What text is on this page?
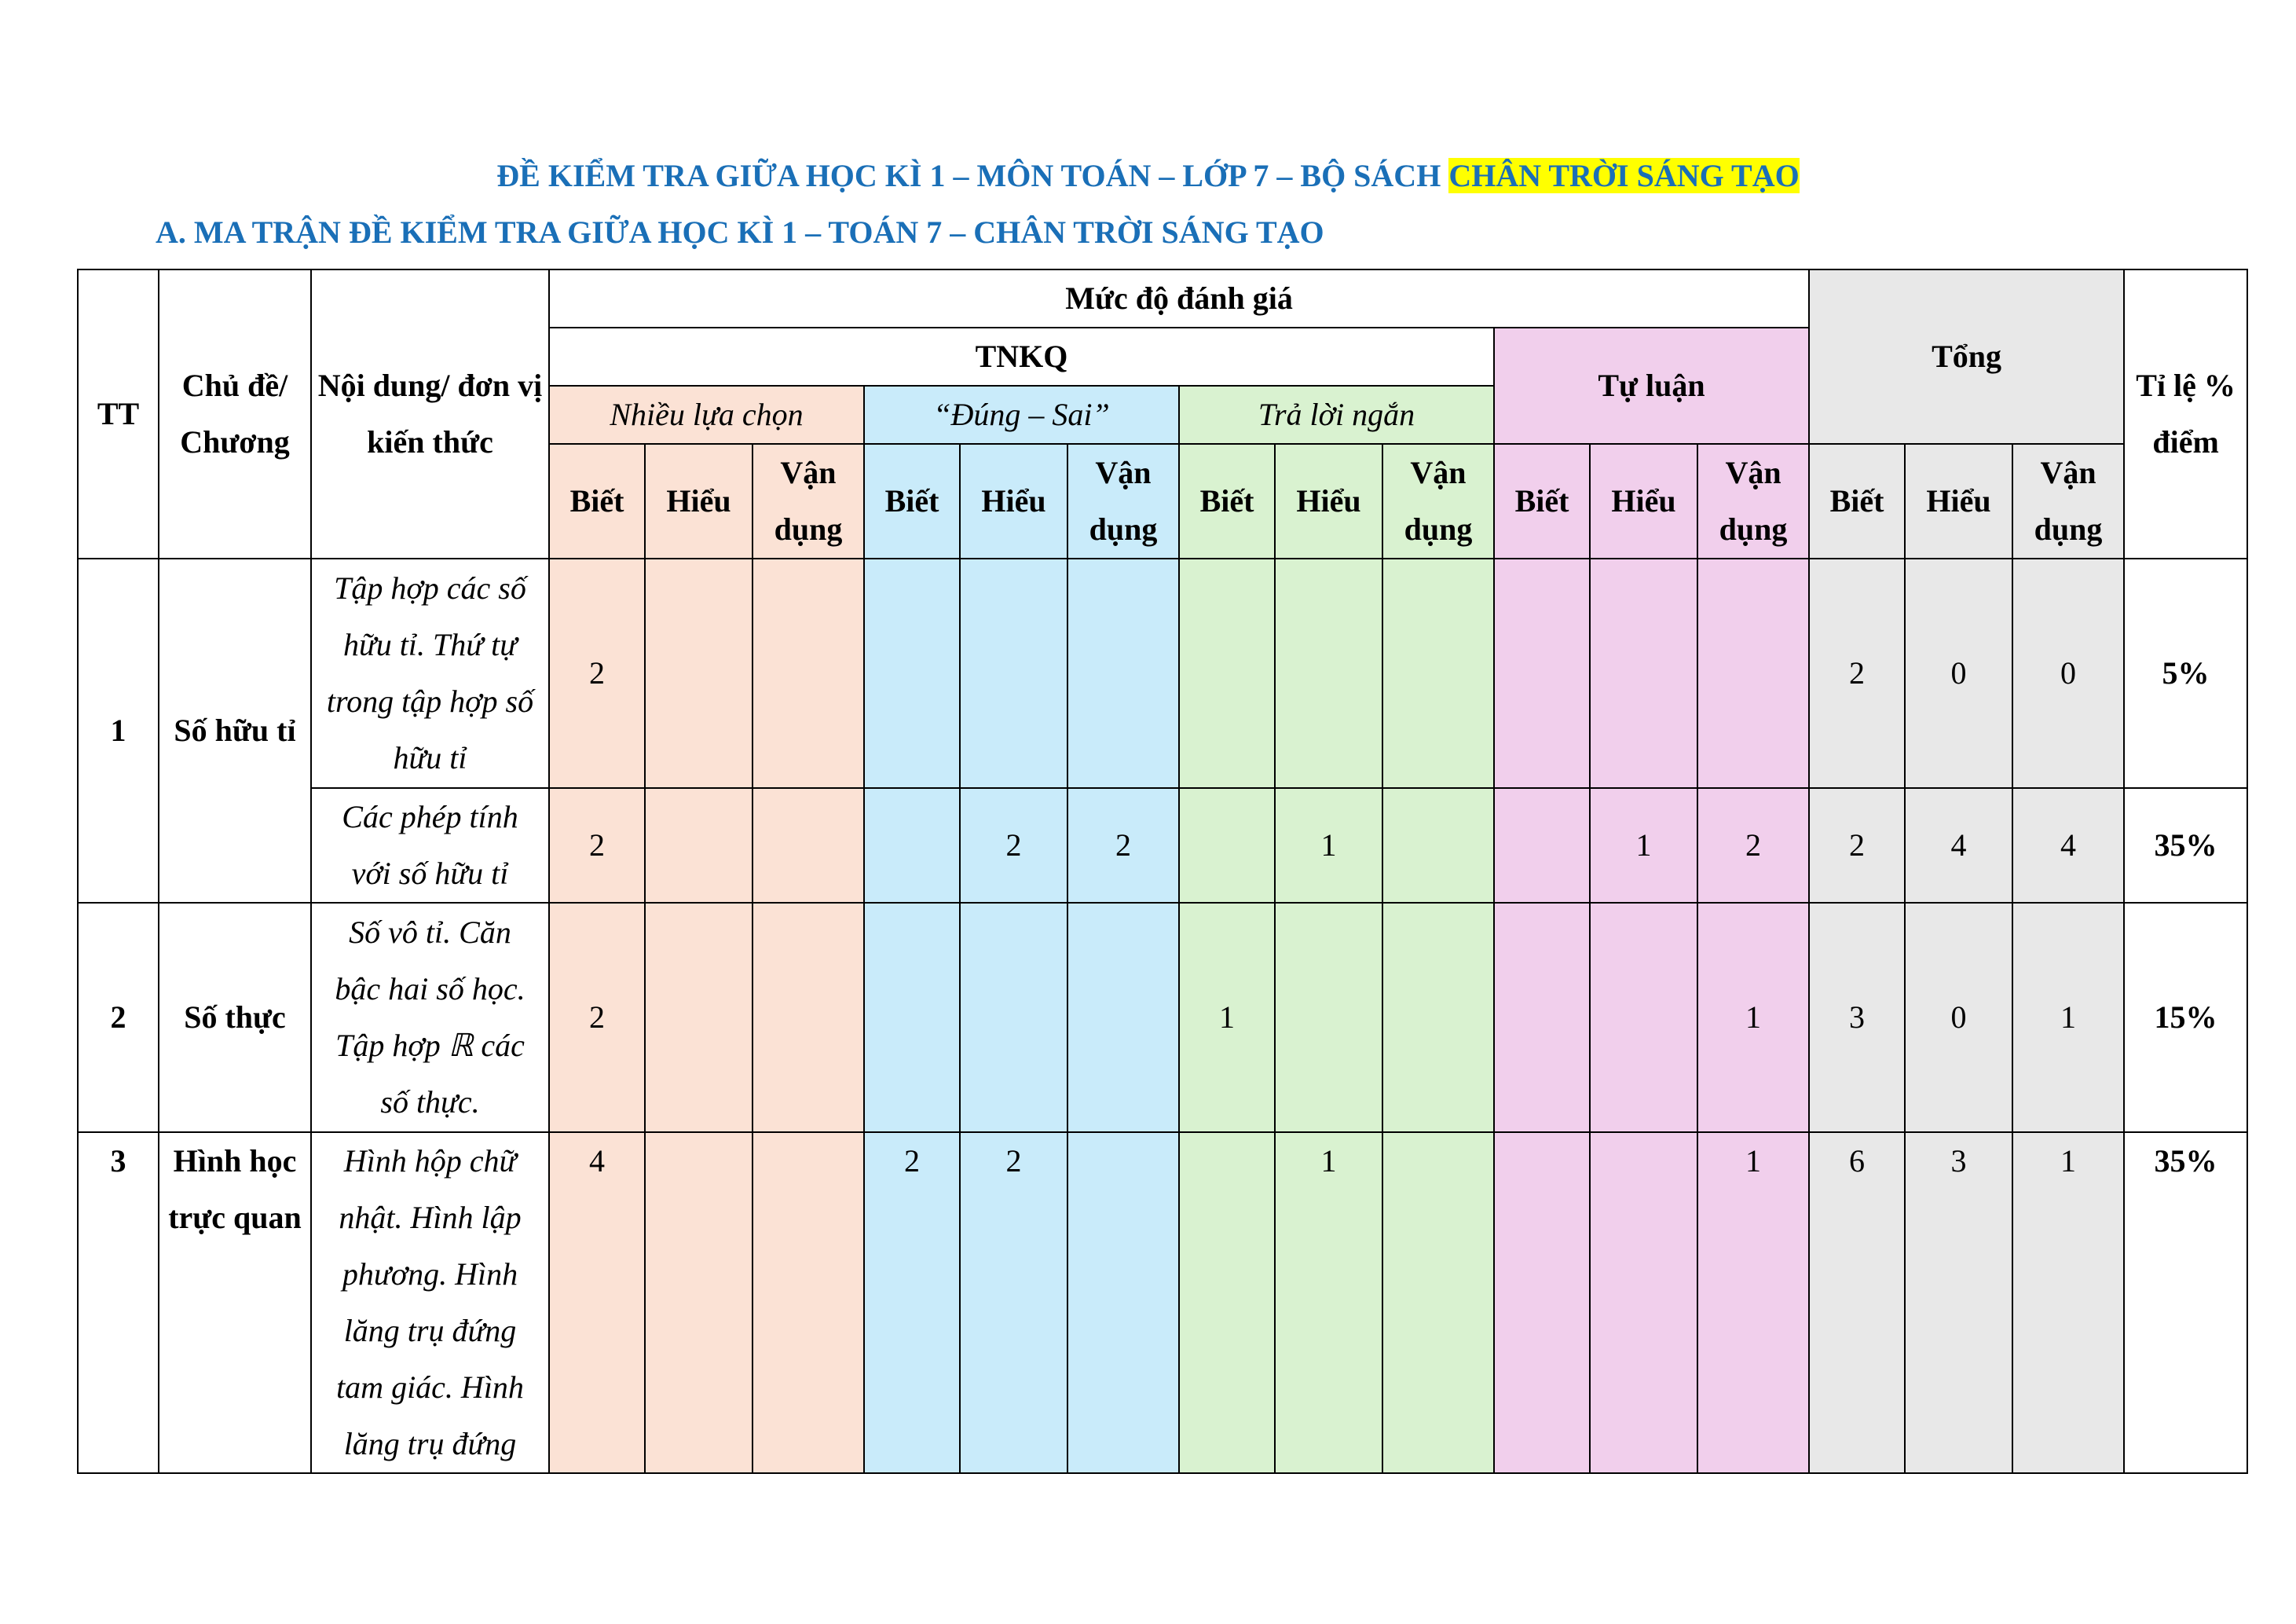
ĐỀ KIỂM TRA GIỮA HỌC KÌ 1 – MÔN TOÁN – LỚP 7 – BỘ SÁCH CHÂN TRỜI SÁNG TẠO
A. MA TRẬN ĐỀ KIỂM TRA GIỮA HỌC KÌ 1 – TOÁN 7 – CHÂN TRỜI SÁNG TẠO
TT	Chủ đề/ Chương	Nội dung/ đơn vị kiến thức	Mức độ đánh giá												Tổng			Tỉ lệ % điểm
			TNKQ									Tự luận						
			Nhiều lựa chọn			“Đúng – Sai”			Trả lời ngắn									
			Biết	Hiểu	Vận dụng	Biết	Hiểu	Vận dụng	Biết	Hiểu	Vận dụng	Biết	Hiểu	Vận dụng	Biết	Hiểu	Vận dụng	
1	Số hữu tỉ	Tập hợp các số hữu tỉ. Thứ tự trong tập hợp số hữu tỉ	2												2	0	0	5%
		Các phép tính với số hữu tỉ	2				2	2		1			1	2	2	4	4	35%
2	Số thực	Số vô tỉ. Căn bậc hai số học. Tập hợp ℝ các số thực.	2						1					1	3	0	1	15%
3	Hình học trực quan	Hình hộp chữ nhật. Hình lập phương. Hình lăng trụ đứng tam giác. Hình lăng trụ đứng	4			2	2			1				1	6	3	1	35%
